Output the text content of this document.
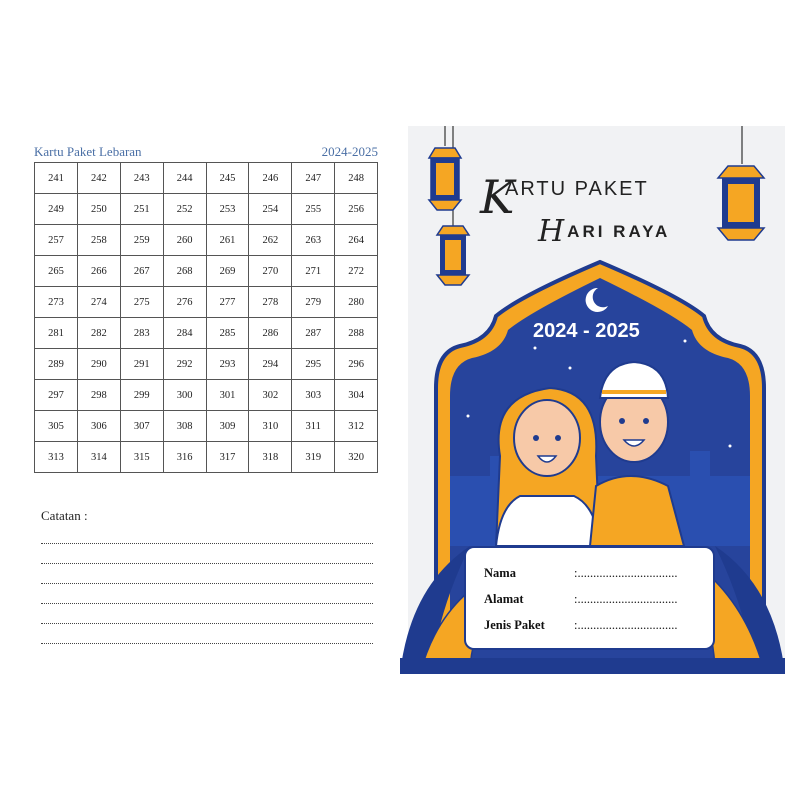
Kartu Paket Lebaran	2024-2025
241	242	243	244	245	246	247	248
249	250	251	252	253	254	255	256
257	258	259	260	261	262	263	264
265	266	267	268	269	270	271	272
273	274	275	276	277	278	279	280
281	282	283	284	285	286	287	288
289	290	291	292	293	294	295	296
297	298	299	300	301	302	303	304
305	306	307	308	309	310	311	312
313	314	315	316	317	318	319	320
Catatan :
K
ARTU PAKET
HARI RAYA
2024 - 2025
Nama	:................................
Alamat	:................................
Jenis Paket :................................
